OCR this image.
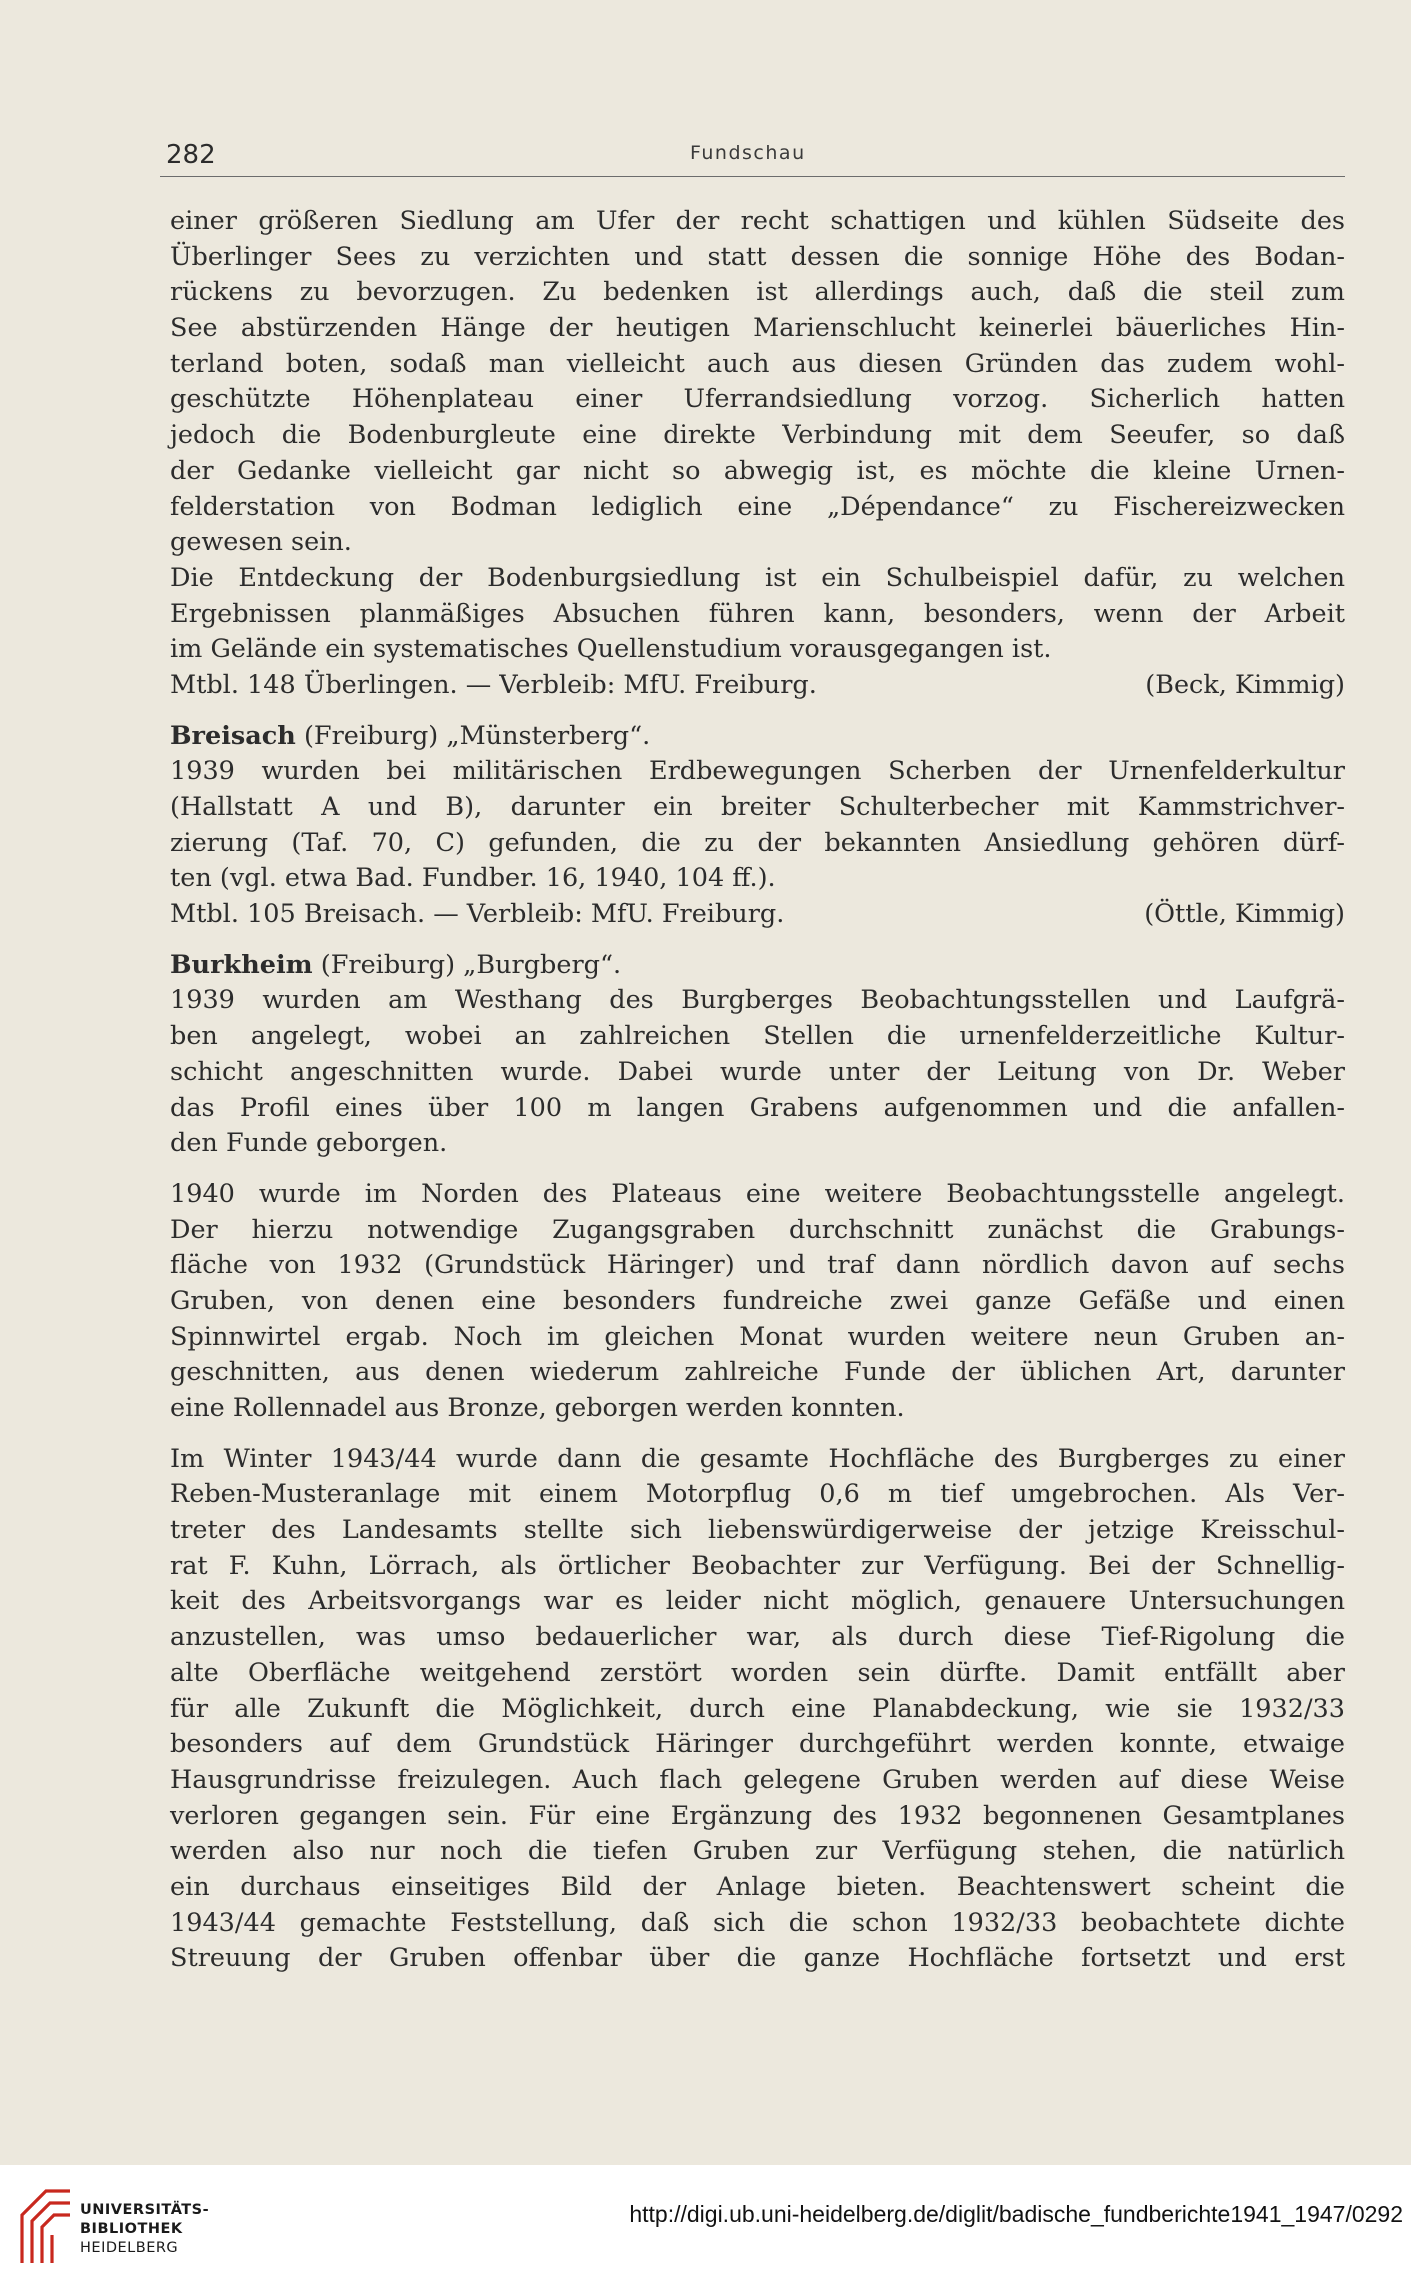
282	Fundschau
einer größeren Siedlung am Ufer der recht schattigen und kühlen Südseite des
Überlinger Sees zu verzichten und statt dessen die sonnige Höhe des Bodan-
rückens zu bevorzugen. Zu bedenken ist allerdings auch, daß die steil zum
See abstürzenden Hänge der heutigen Marienschlucht keinerlei bäuerliches Hin-
terland boten, sodaß man vielleicht auch aus diesen Gründen das zudem wohl-
geschützte Höhenplateau einer Uferrandsiedlung vorzog. Sicherlich hatten
jedoch die Bodenburgleute eine direkte Verbindung mit dem Seeufer, so daß
der Gedanke vielleicht gar nicht so abwegig ist, es möchte die kleine Urnen-
felderstation von Bodman lediglich eine „Dépendance“ zu Fischereizwecken
gewesen sein.
Die Entdeckung der Bodenburgsiedlung ist ein Schulbeispiel dafür, zu welchen
Ergebnissen planmäßiges Absuchen führen kann, besonders, wenn der Arbeit
im Gelände ein systematisches Quellenstudium vorausgegangen ist.
Mtbl. 148 Überlingen. — Verbleib: MfU. Freiburg.	(Beck, Kimmig)
Breisach (Freiburg) „Münsterberg“.
1939 wurden bei militärischen Erdbewegungen Scherben der Urnenfelderkultur
(Hallstatt A und B), darunter ein breiter Schulterbecher mit Kammstrichver-
zierung (Taf. 70, C) gefunden, die zu der bekannten Ansiedlung gehören dürf-
ten (vgl. etwa Bad. Fundber. 16, 1940, 104 ff.).
Mtbl. 105 Breisach. — Verbleib: MfU. Freiburg.	(Öttle, Kimmig)
Burkheim (Freiburg) „Burgberg“.
1939 wurden am Westhang des Burgberges Beobachtungsstellen und Laufgrä-
ben angelegt, wobei an zahlreichen Stellen die urnenfelderzeitliche Kultur-
schicht angeschnitten wurde. Dabei wurde unter der Leitung von Dr. Weber
das Profil eines über 100 m langen Grabens aufgenommen und die anfallen-
den Funde geborgen.
1940 wurde im Norden des Plateaus eine weitere Beobachtungsstelle angelegt.
Der hierzu notwendige Zugangsgraben durchschnitt zunächst die Grabungs-
fläche von 1932 (Grundstück Häringer) und traf dann nördlich davon auf sechs
Gruben, von denen eine besonders fundreiche zwei ganze Gefäße und einen
Spinnwirtel ergab. Noch im gleichen Monat wurden weitere neun Gruben an-
geschnitten, aus denen wiederum zahlreiche Funde der üblichen Art, darunter
eine Rollennadel aus Bronze, geborgen werden konnten.
Im Winter 1943/44 wurde dann die gesamte Hochfläche des Burgberges zu einer
Reben-Musteranlage mit einem Motorpflug 0,6 m tief umgebrochen. Als Ver-
treter des Landesamts stellte sich liebenswürdigerweise der jetzige Kreisschul-
rat F. Kuhn, Lörrach, als örtlicher Beobachter zur Verfügung. Bei der Schnellig-
keit des Arbeitsvorgangs war es leider nicht möglich, genauere Untersuchungen
anzustellen, was umso bedauerlicher war, als durch diese Tief-Rigolung die
alte Oberfläche weitgehend zerstört worden sein dürfte. Damit entfällt aber
für alle Zukunft die Möglichkeit, durch eine Planabdeckung, wie sie 1932/33
besonders auf dem Grundstück Häringer durchgeführt werden konnte, etwaige
Hausgrundrisse freizulegen. Auch flach gelegene Gruben werden auf diese Weise
verloren gegangen sein. Für eine Ergänzung des 1932 begonnenen Gesamtplanes
werden also nur noch die tiefen Gruben zur Verfügung stehen, die natürlich
ein durchaus einseitiges Bild der Anlage bieten. Beachtenswert scheint die
1943/44 gemachte Feststellung, daß sich die schon 1932/33 beobachtete dichte
Streuung der Gruben offenbar über die ganze Hochfläche fortsetzt und erst
UNIVERSITÄTS-
BIBLIOTHEK
HEIDELBERG
http://digi.ub.uni-heidelberg.de/diglit/badische_fundberichte1941_1947/0292
